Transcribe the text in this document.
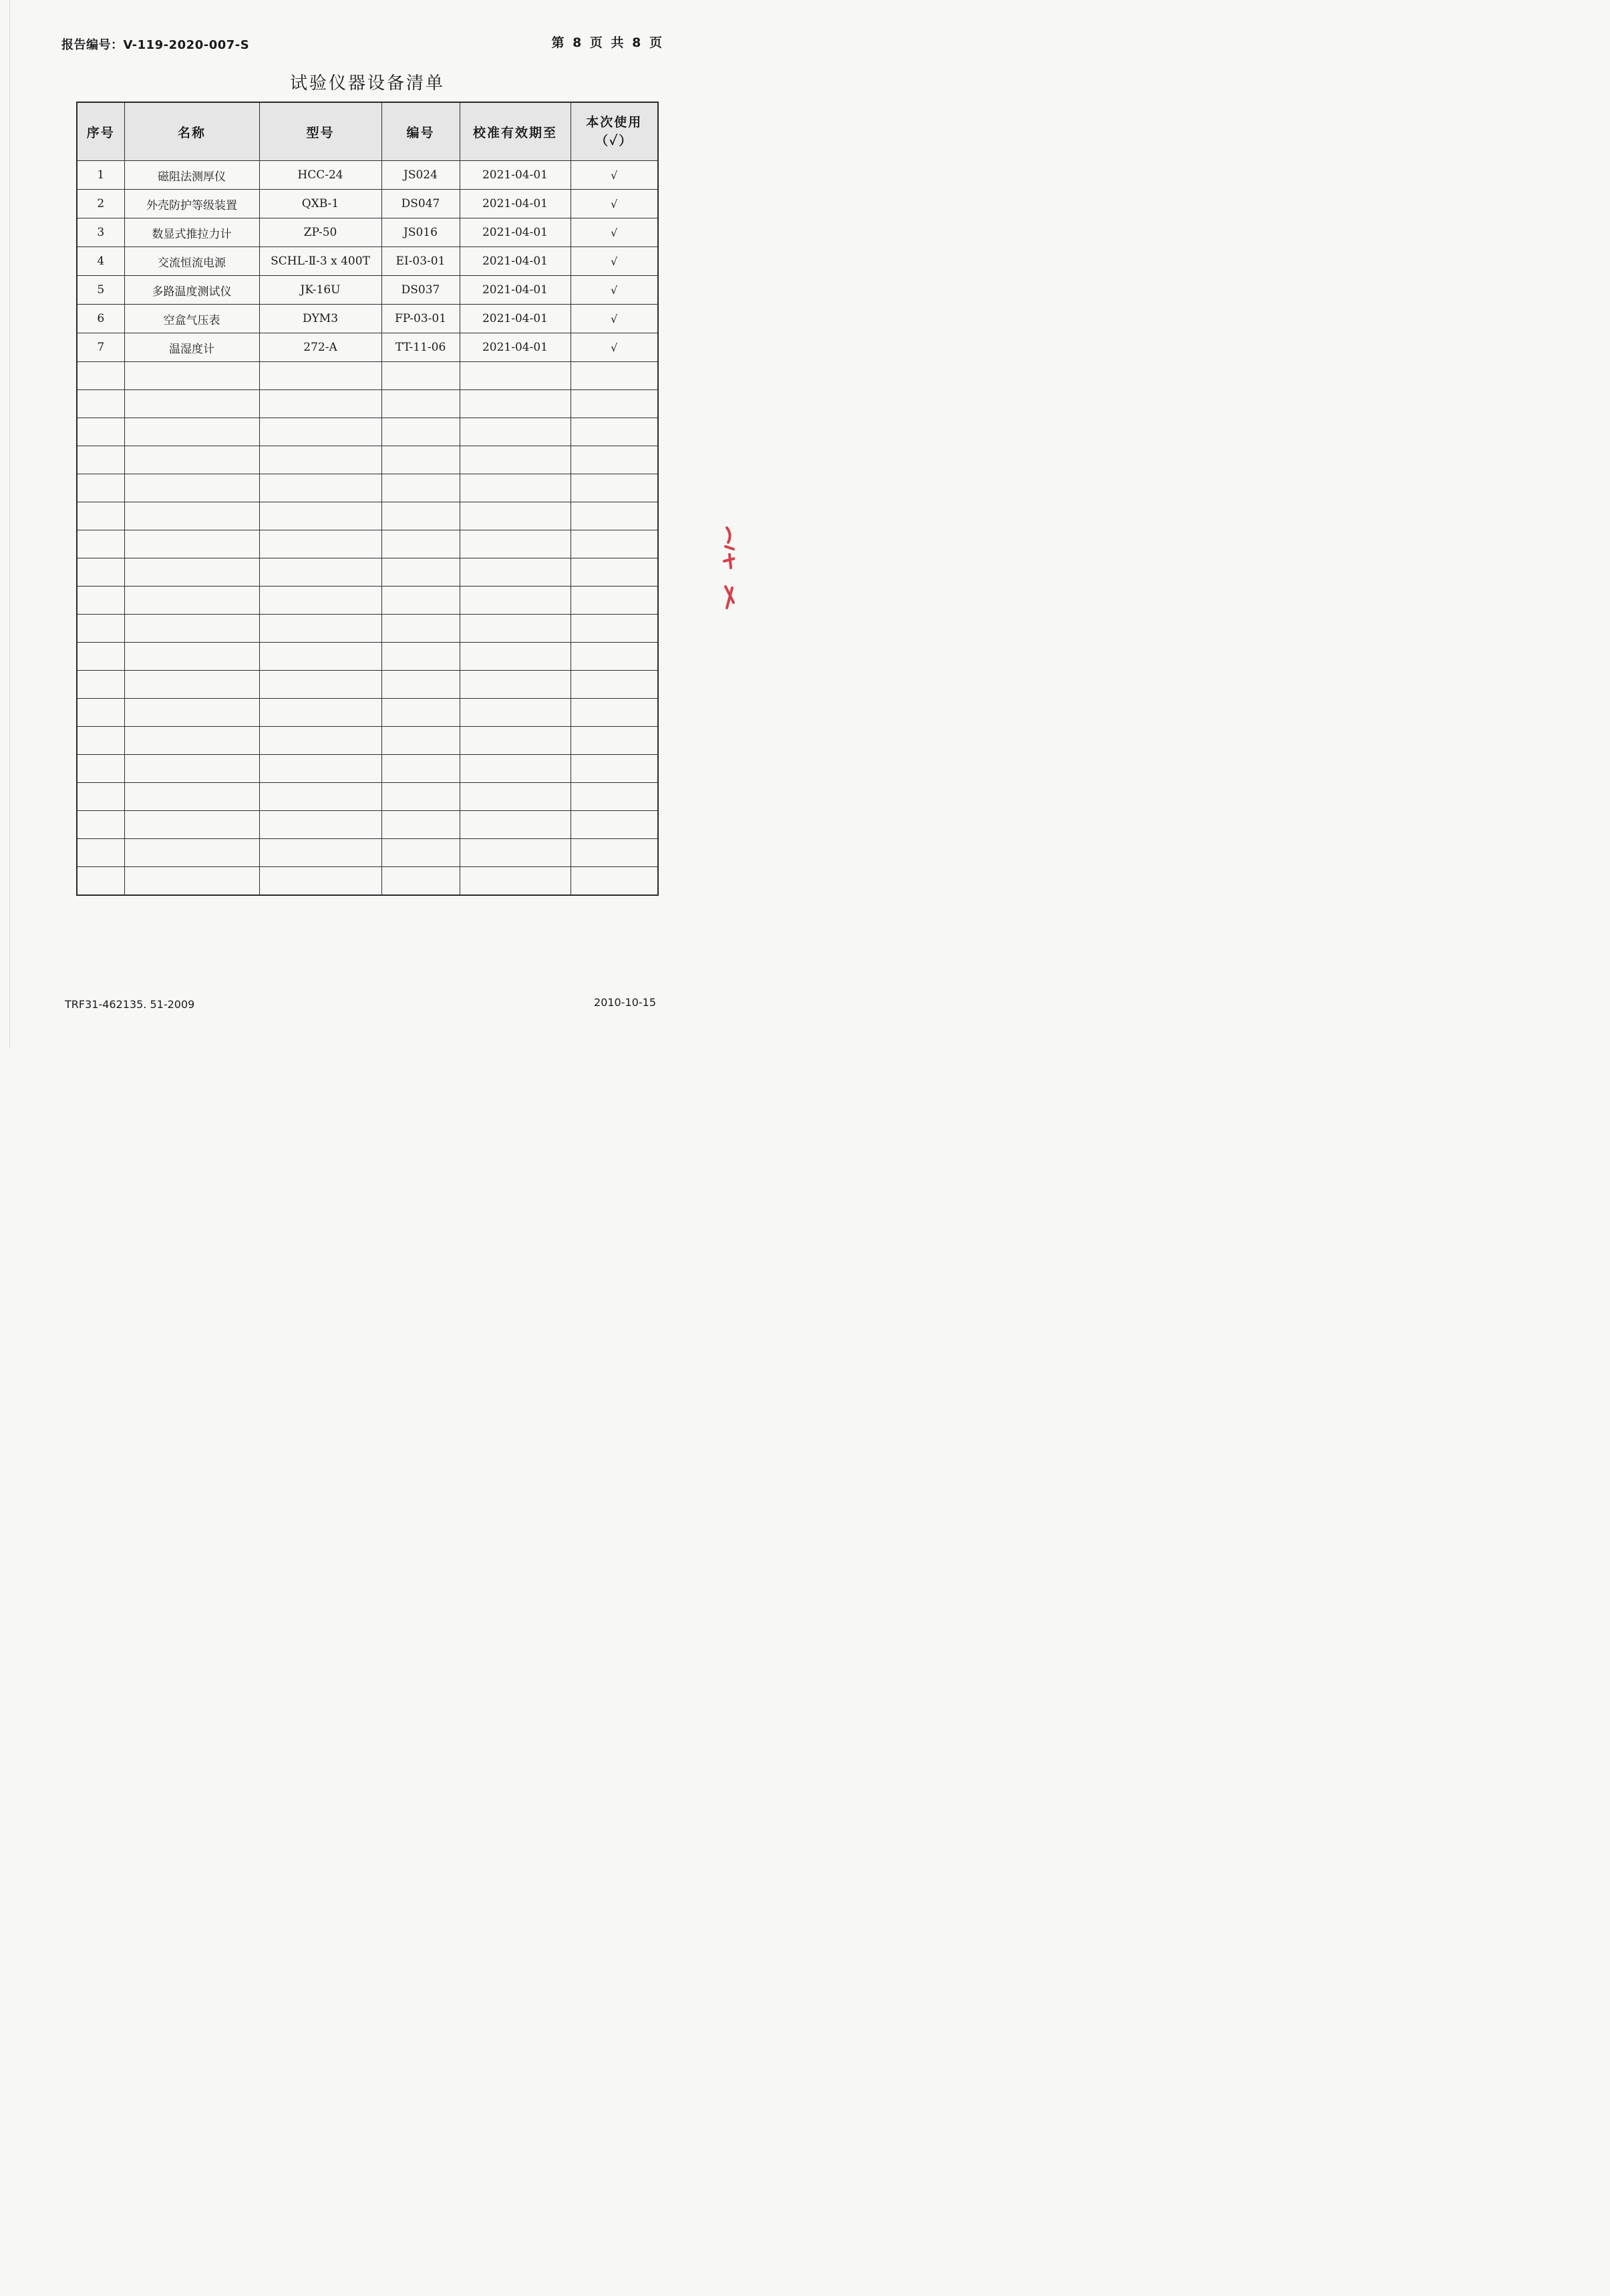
报告编号：V-119-2020-007-S	第 8 页 共 8 页
试验仪器设备清单
序号	名称	型号	编号	校准有效期至	本次使用
（✓）

1	磁阻法测厚仪	HCC-24	JS024	2021-04-01	√
2	外壳防护等级装置	QXB-1	DS047	2021-04-01	√
3	数显式推拉力计	ZP-50	JS016	2021-04-01	√
4	交流恒流电源	SCHL-Ⅱ-3 x 400T	EI-03-01	2021-04-01	√
5	多路温度测试仪	JK-16U	DS037	2021-04-01	√
6	空盒气压表	DYM3	FP-03-01	2021-04-01	√
7	温湿度计	272-A	TT-11-06	2021-04-01	√

TRF31-462135. 51-2009	2010-10-15
